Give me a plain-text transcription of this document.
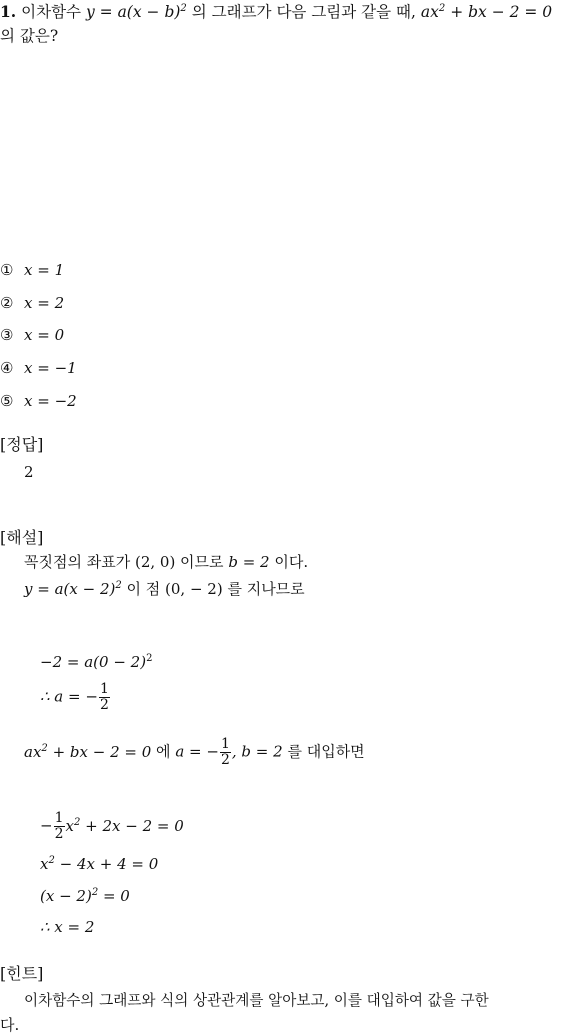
1. 이차함수 $y = a(x - b)^2$ 의 그래프가 다음 그림과 같을 때, $ax^2$ + bx − 2 = 0
의 값은?
① x = 1
② x = 2
③ x = 0
④ x = −1
⑤ x = −2
[정답]
2
[해설]
꼭짓점의 좌표가 (2, 0) 이므로 b = 2 이다.
$y = a(x - 2)^2$ 이 점 (0, − 2) 를 지나므로
$-2 = a(0 - 2)^2$
∴ a = − $\frac{1}{2}$
$ax^2$ + bx − 2 = 0 에 a = − $\frac{1}{2}$ , b = 2 를 대입하면
− $\frac{1}{2} x^2 + 2x - 2 = 0$
$x^2 - 4x + 4 = 0$
$(x - 2)^2 = 0$
∴ x = 2
[힌트]
이차함수의 그래프와 식의 상관관계를 알아보고, 이를 대입하여 값을 구한
다.
